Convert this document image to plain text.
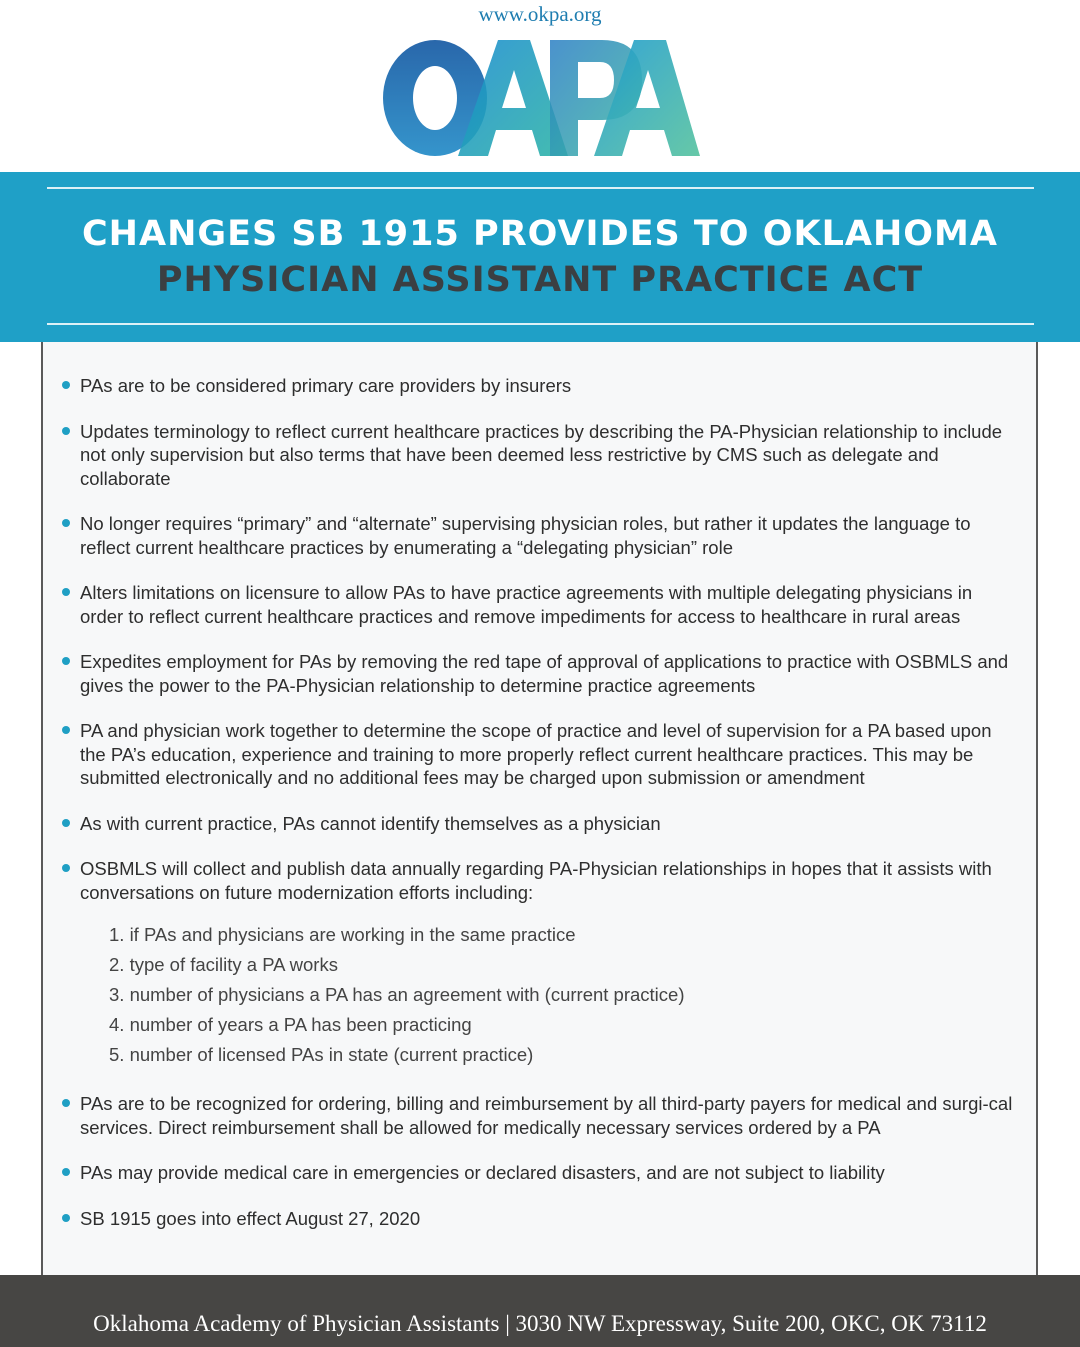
www.okpa.org
CHANGES SB 1915 PROVIDES TO OKLAHOMA
PHYSICIAN ASSISTANT PRACTICE ACT
PAs are to be considered primary care providers by insurers
Updates terminology to reflect current healthcare practices by describing the PA-Physician relationship to include not only supervision but also terms that have been deemed less restrictive by CMS such as delegate and collaborate
No longer requires “primary” and “alternate” supervising physician roles, but rather it updates the language to reflect current healthcare practices by enumerating a “delegating physician” role
Alters limitations on licensure to allow PAs to have practice agreements with multiple delegating physicians in order to reflect current healthcare practices and remove impediments for access to healthcare in rural areas
Expedites employment for PAs by removing the red tape of approval of applications to practice with OSBMLS and gives the power to the PA-Physician relationship to determine practice agreements
PA and physician work together to determine the scope of practice and level of supervision for a PA based upon the PA’s education, experience and training to more properly reflect current healthcare practices. This may be submitted electronically and no additional fees may be charged upon submission or amendment
As with current practice, PAs cannot identify themselves as a physician
OSBMLS will collect and publish data annually regarding PA-Physician relationships in hopes that it assists with conversations on future modernization efforts including:
1. if PAs and physicians are working in the same practice
2. type of facility a PA works
3. number of physicians a PA has an agreement with (current practice)
4. number of years a PA has been practicing
5. number of licensed PAs in state (current practice)
PAs are to be recognized for ordering, billing and reimbursement by all third-party payers for medical and surgi-cal services. Direct reimbursement shall be allowed for medically necessary services ordered by a PA
PAs may provide medical care in emergencies or declared disasters, and are not subject to liability
SB 1915 goes into effect August 27, 2020
Oklahoma Academy of Physician Assistants | 3030 NW Expressway, Suite 200, OKC, OK 73112
